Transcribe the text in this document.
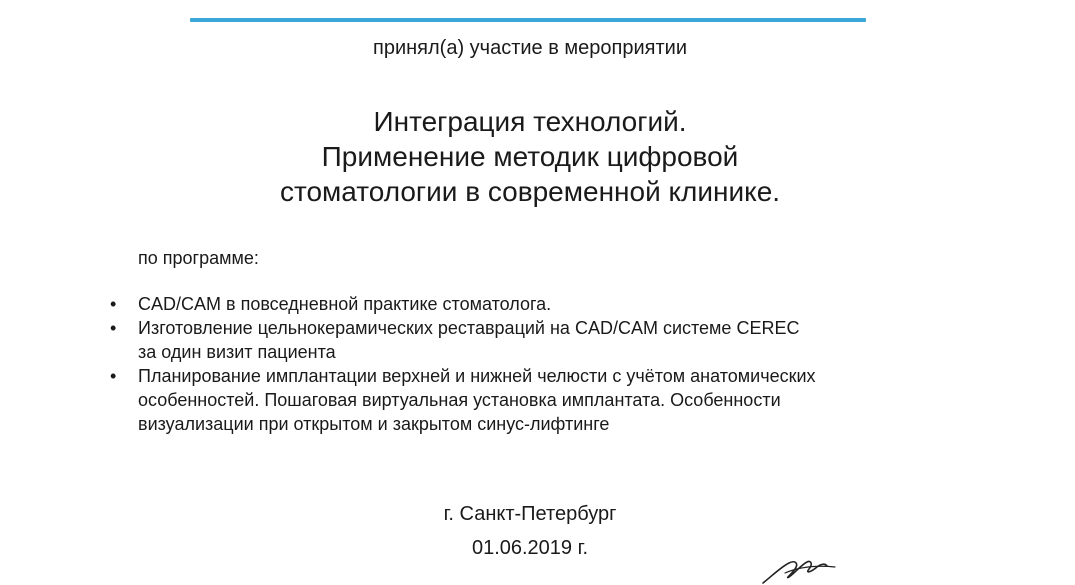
принял(а) участие в мероприятии
Интеграция технологий.
Применение методик цифровой
стоматологии в современной клинике.
по программе:
• CAD/CAM в повседневной практике стоматолога.
• Изготовление цельнокерамических реставраций на CAD/CAM системе CEREC
за один визит пациента
• Планирование имплантации верхней и нижней челюсти с учётом анатомических
особенностей. Пошаговая виртуальная установка имплантата. Особенности
визуализации при открытом и закрытом синус-лифтинге
г. Санкт-Петербург
01.06.2019 г.
